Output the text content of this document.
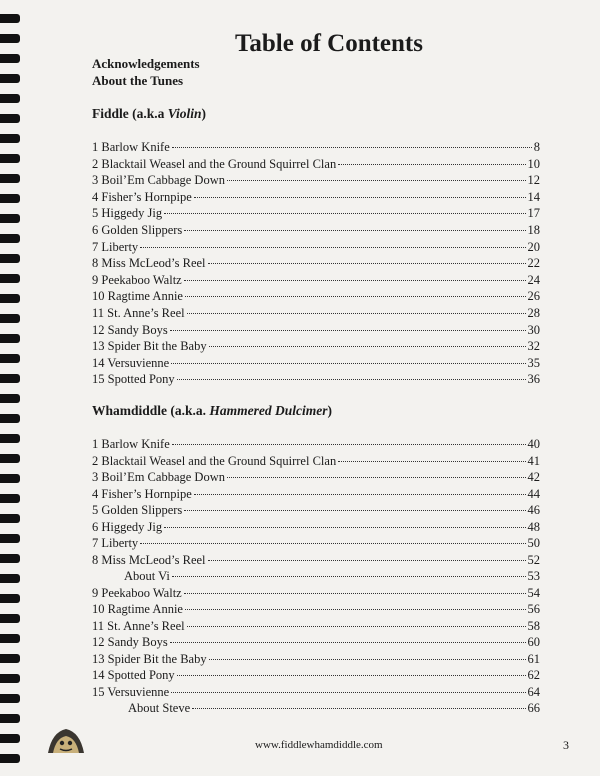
Table of Contents
Acknowledgements
About the Tunes
Fiddle (a.k.a Violin)
1 Barlow Knife	8
2 Blacktail Weasel and the Ground Squirrel Clan	10
3 Boil’Em Cabbage Down	12
4 Fisher’s Hornpipe	14
5 Higgedy Jig	17
6 Golden Slippers	18
7 Liberty	20
8 Miss McLeod’s Reel	22
9 Peekaboo Waltz	24
10 Ragtime Annie	26
11 St. Anne’s Reel	28
12 Sandy Boys	30
13 Spider Bit the Baby	32
14 Versuvienne	35
15 Spotted Pony	36
Whamdiddle (a.k.a. Hammered Dulcimer)
1 Barlow Knife	40
2 Blacktail Weasel and the Ground Squirrel Clan	41
3 Boil’Em Cabbage Down	42
4 Fisher’s Hornpipe	44
5 Golden Slippers	46
6 Higgedy Jig	48
7 Liberty	50
8 Miss McLeod’s Reel	52
About Vi	53
9 Peekaboo Waltz	54
10 Ragtime Annie	56
11 St. Anne’s Reel	58
12 Sandy Boys	60
13 Spider Bit the Baby	61
14 Spotted Pony	62
15 Versuvienne	64
About Steve	66
www.fiddlewhamdiddle.com	3
